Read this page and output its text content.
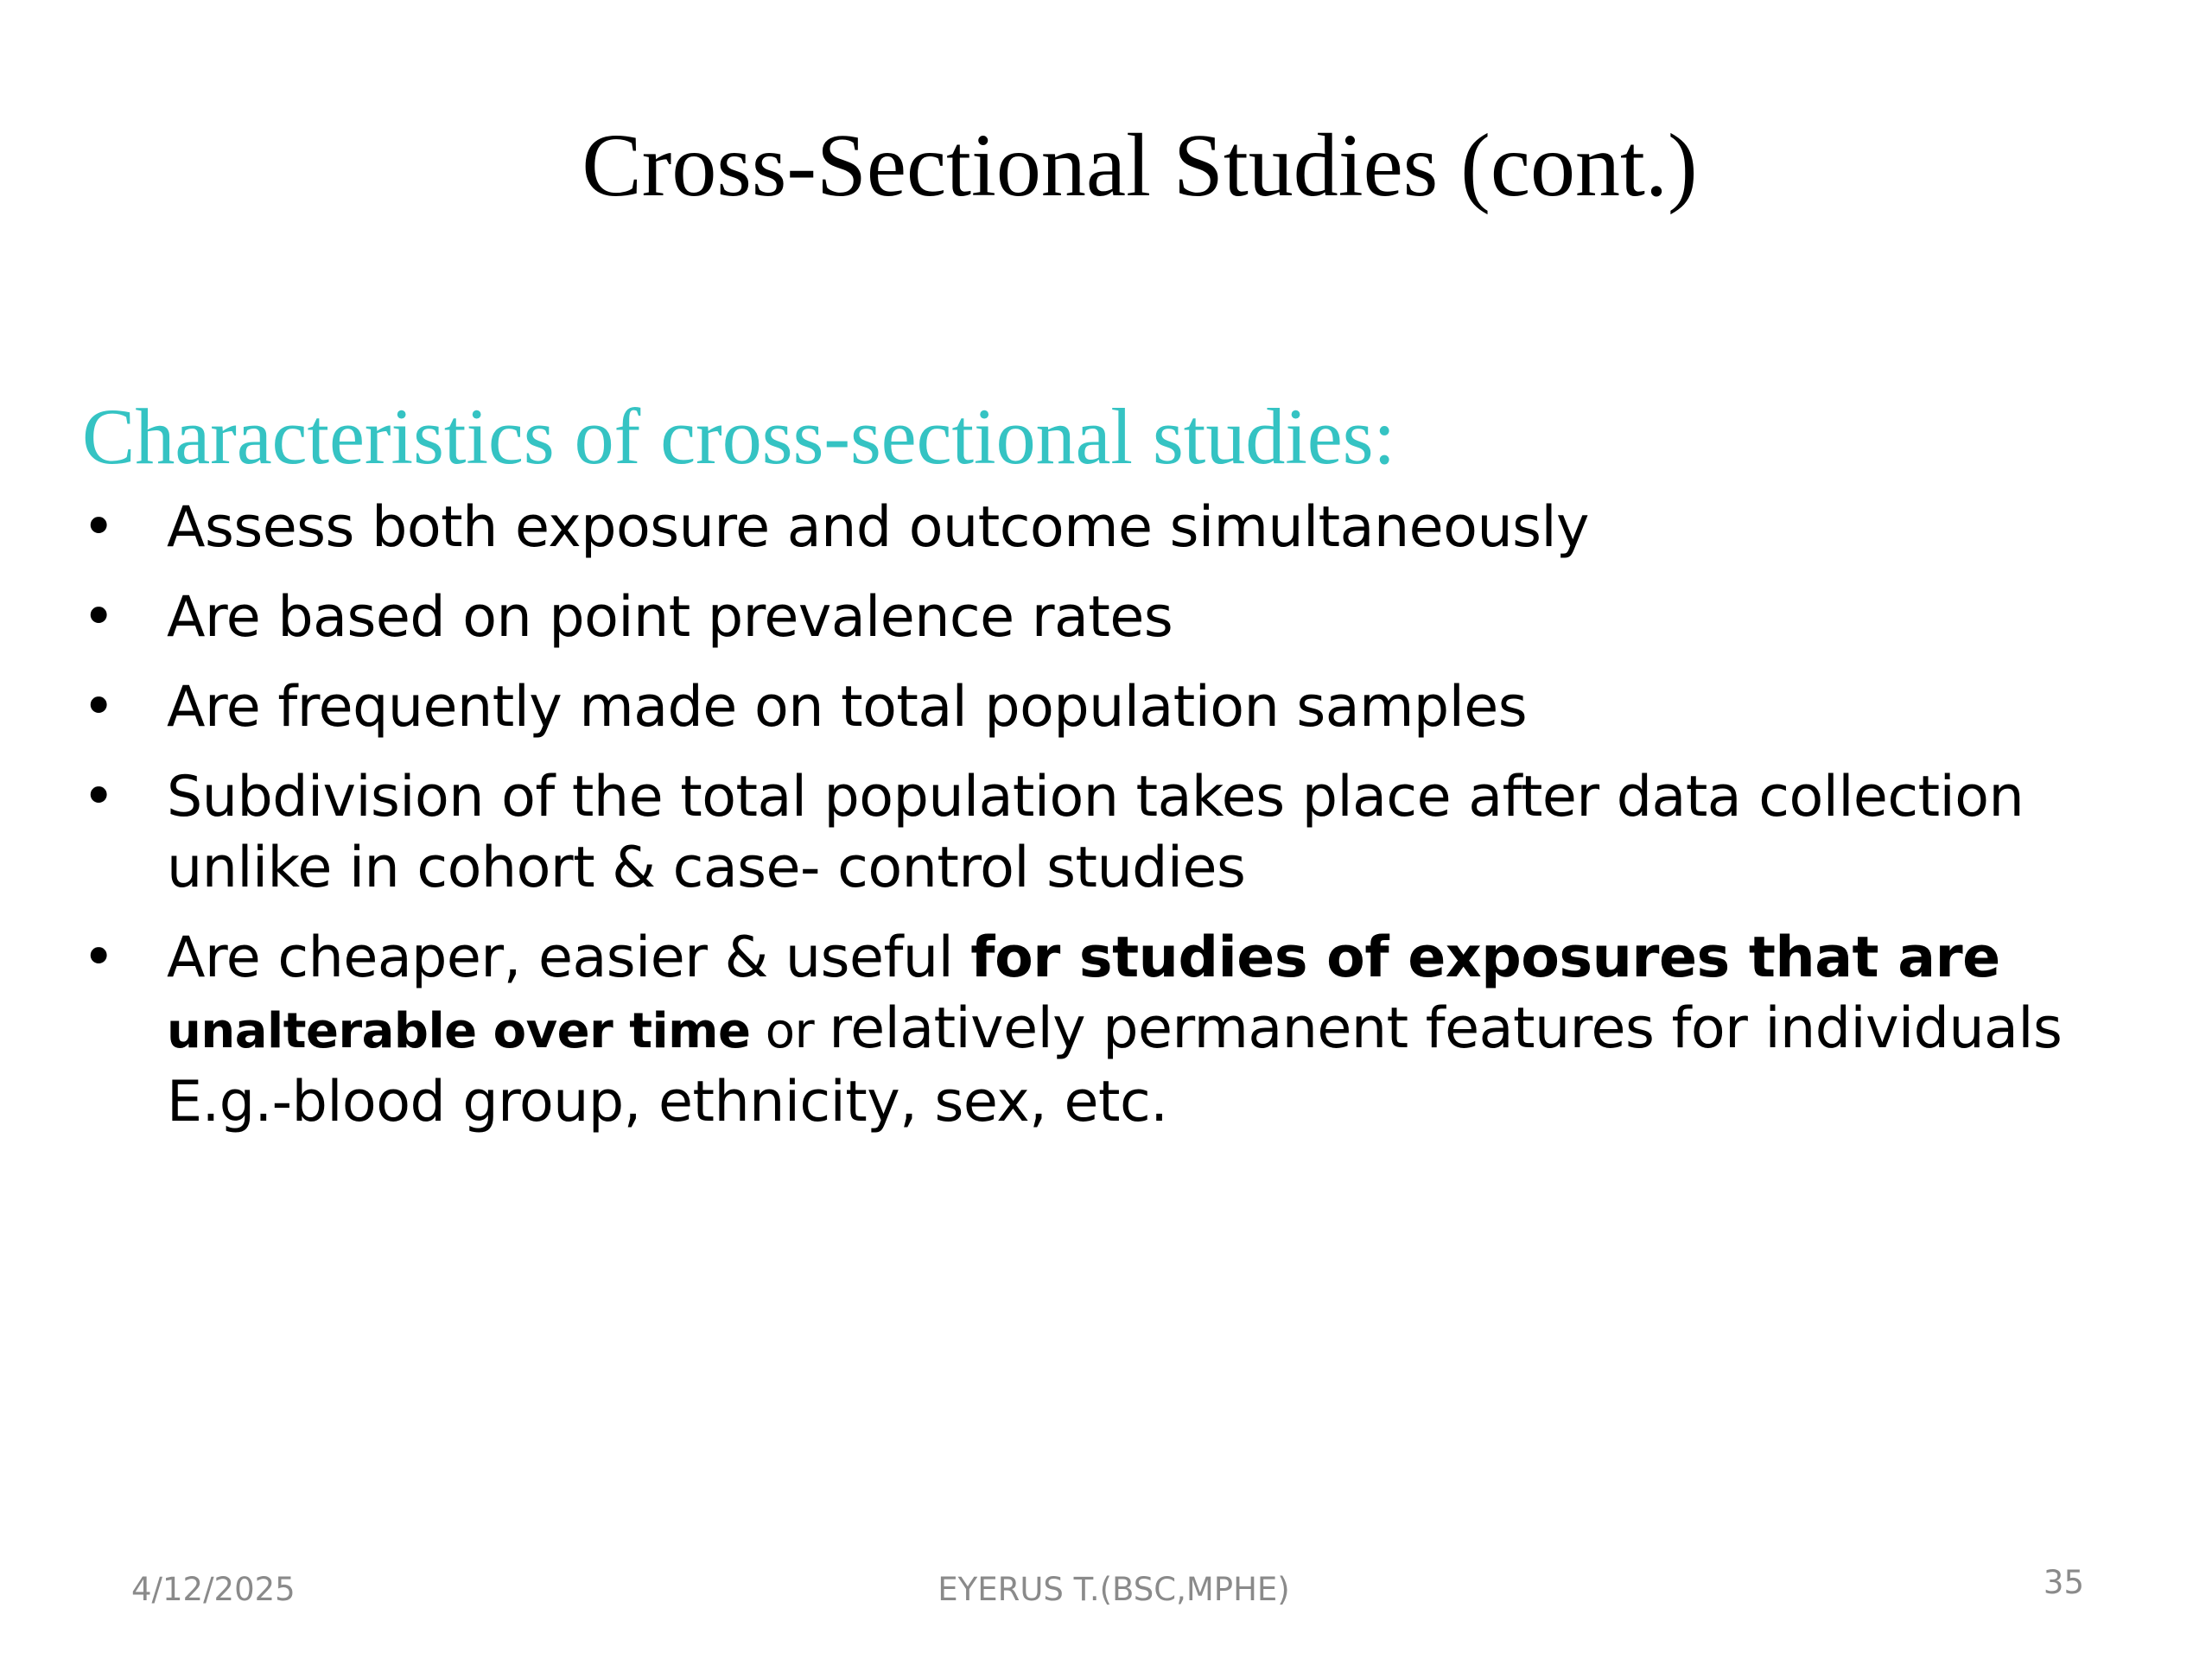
Cross-Sectional Studies (cont.)
Characteristics of cross-sectional studies:
• Assess both exposure and outcome simultaneously
• Are based on point prevalence rates
• Are frequently made on total population samples
• Subdivision of the total population takes place after data collection
unlike in cohort & case- control studies
• Are cheaper, easier & useful for studies of exposures that are
unalterable over time or relatively permanent features for individuals
E.g.-blood group, ethnicity, sex, etc.
4/12/2025	EYERUS T.(BSC,MPHE)	35
